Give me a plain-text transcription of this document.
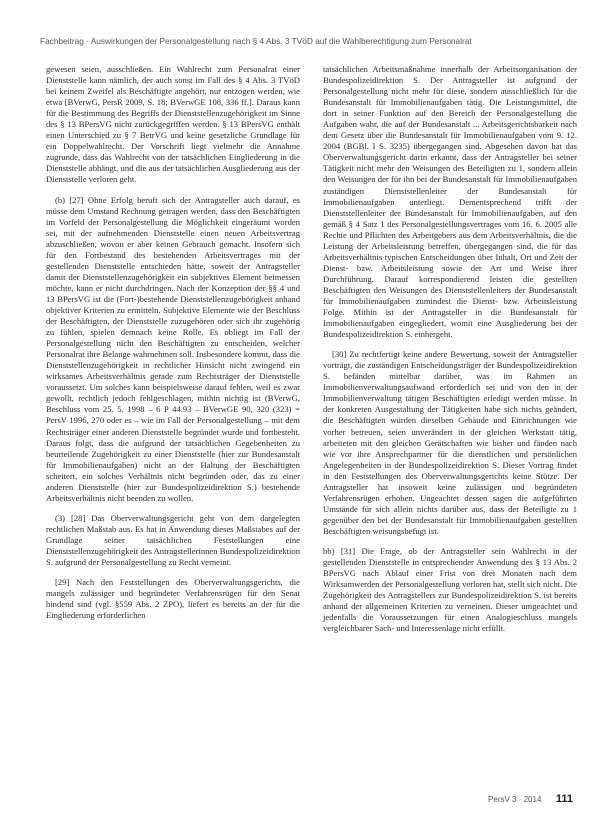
Fachbeitrag · Auswirkungen der Personalgestellung nach § 4 Abs. 3 TVöD auf die Wahlberechtigung zum Personalrat

gewesen seien, ausschließen. Ein Wahlrecht zum Personalrat einer Dienststelle kann nämlich, der auch sonst im Fall des § 4 Abs. 3 TVöD bei keinem Zweifel als Beschäftigte angehört, nur entzogen werden, wie etwa [BVerwG, PersR 2009, S. 18; BVerwGE 108, 336 ff.]. Daraus kann für die Bestimmung des Begriffs der Dienststellenzugehörigkeit im Sinne des § 13 BPersVG nicht zurückgegriffen werden. § 13 BPersVG enthält einen Unterschied zu § 7 BetrVG und keine gesetzliche Grundlage für ein Doppelwahlrecht. Der Vorschrift liegt vielmehr die Annahme zugrunde, dass das Wahlrecht von der tatsächlichen Eingliederung in die Dienststelle abhängt, und die aus der tatsächlichen Ausgliederung aus der Dienststelle verloren geht.

(b) [27] Ohne Erfolg beruft sich der Antragsteller auch darauf, es müsse dem Umstand Rechnung getragen werden, dass den Beschäftigten im Vorfeld der Personalgestellung die Möglichkeit eingeräumt worden sei, mit der aufnehmenden Dienststelle einen neuen Arbeitsvertrag abzuschließen, wovon er aber keinen Gebrauch gemacht. Insofern sich für den Fortbestand des bestehenden Arbeitsvertrages mit der gestellenden Dienststelle entschieden hätte, soweit der Antragsteller damit der Dienststellenzugehörigkeit ein subjektives Element beimessen möchte, kann er nicht durchdringen. Nach der Konzeption der §§ 4 und 13 BPersVG ist die (Fort-)bestehende Dienststellenzugehörigkeit anhand objektiver Kriterien zu ermitteln. Subjektive Elemente wie der Beschluss der Beschäftigten, der Dienststelle zuzugehören oder sich ihr zugehörig zu fühlen, spielen demnach keine Rolle. Es obliegt im Fall der Personalgestellung nicht den Beschäftigten zu entscheiden, welcher Personalrat ihre Belange wahrnehmen soll. Insbesondere kommt, dass die Dienststellenzugehörigkeit in rechtlicher Hinsicht nicht zwingend ein wirksames Arbeitsverhältnis gerade zum Rechtsträger der Dienststelle voraussetzt. Um solches kann beispielsweise darauf fehlen, weil es zwar gewollt, rechtlich jedoch fehlgeschlagen, mithin nichtig ist (BVerwG, Beschluss vom 25. 5. 1998 – 6 P 44.93 – BVerwGE 90, 320 (323) = PersV 1996, 270 oder es – wie im Fall der Personalgestellung – mit dem Rechtsträger einer anderen Dienststelle begründet wurde und fortbesteht. Daraus folgt, dass die aufgrund der tatsächlichen Gegebenheiten zu beurteilende Zugehörigkeit zu einer Dienststelle (hier zur Bundesanstalt für Immobilienaufgaben) nicht an der Haltung der Beschäftigten scheitert, ein solches Verhältnis nicht begründen oder, das zu einer anderen Dienststelle (hier zur Bundespolizeidirektion S.) bestehende Arbeitsverhältnis nicht beenden zu wollen.

(3) [28] Das Oberverwaltungsgericht geht von dem dargelegten rechtlichen Maßstab aus. Es hat in Anwendung dieses Maßstabes auf der Grundlage seiner tatsächlichen Feststellungen eine Dienststellenzugehörigkeit des Antragstellerinnen Bundespolizeidirektion S. aufgrund der Personalgestellung zu Recht verneint.

[29] Nach den Feststellungen des Oberverwaltungsgerichts, die mangels zulässiger und begründeter Verfahrensrügen für den Senat bindend sind (vgl. §559 Abs. 2 ZPO), liefert es bereits an der für die Eingliederung erforderlichen

tatsächlichen Arbeitsmaßnahme innerhalb der Arbeitsorganisation der Bundespolizeidirektion S. Der Antragsteller ist aufgrund der Personalgestellung nicht mehr für diese, sondern ausschließlich für die Bundesanstalt für Immobilienaufgaben tätig. Die Leistungsmittel, die dort in seiner Funktion auf den Bereich der Personalgestellung die Aufgaben wahr, die auf der Bundesanstalt ... Arbeitsgerichtsbarkeit nach dem Gesetz über die Bundesanstalt für Immobilienaufgaben vom 9. 12. 2004 (BGBl. I S. 3235) übergegangen sind. Abgesehen davon hat das Oberverwaltungsgericht darin erkannt, dass der Antragsteller bei seiner Tätigkeit nicht mehr den Weisungen des Beteiligten zu 1, sondern allein den Weisungen der für ihn bei der Bundesanstalt für Immobilienaufgaben zuständigen Dienststellenleiter der Bundesanstalt für Immobilienaufgaben unterliegt. Dementsprechend trifft der Dienststellenleiter der Bundesanstalt für Immobilienaufgaben, auf den gemäß § 4 Satz 1 des Personalgestellungsvertrages vom 16. 6. 2005 alle Rechte und Pflichten des Arbeitgebers aus dem Arbeitsverhältnis, die die Leistung der Arbeitsleistung betreffen, übergegangen sind, die für das Arbeitsverhältnis typischen Entscheidungen über Inhalt, Ort und Zeit der Dienst- bzw. Arbeitsleistung sowie der Art und Weise ihrer Durchführung. Darauf korrespondierend leisten die gestellten Beschäftigten den Weisungen des Dienststellenleiters der Bundesanstalt für Immobilienaufgaben zumindest die Dienst- bzw. Arbeitsleistung Folge. Mithin ist der Antragsteller in die Bundesanstalt für Immobilienaufgaben eingegliedert, womit eine Ausgliederung bei der Bundespolizeidirektion S. einhergeht.

[30] Zu rechtfertigt keine andere Bewertung, soweit der Antragsteller vorträgt, die zuständigen Entscheidungsträger der Bundespolizeidirektion S. befänden mittelbar darüber, was im Rahmen an Immobilienverwaltungsaufwand erforderlich sei und von den in der Immobilienverwaltung tätigen Beschäftigten erledigt werden müsse. In der konkreten Ausgestaltung der Tätigkeiten habe sich nichts geändert, die Beschäftigten würden dieselben Gebäude und Einrichtungen wie vorher betreuen, seien unverändert in der gleichen Werkstatt tätig, arbeiteten mit den gleichen Gerätschaften wie bisher und fänden nach wie vor ihre Ansprechpartner für die dienstlichen und persönlichen Angelegenheiten in der Bundespolizeidirektion S. Dieser Vortrag findet in den Feststellungen des Oberverwaltungsgerichts keine Stütze. Der Antragsteller hat insoweit keine zulässigen und begründeten Verfahrensrügen erhoben. Ungeachtet dessen sagen die aufgeführten Umstände für sich allein nichts darüber aus, dass der Beteiligte zu 1 gegenüber den bei der Bundesanstalt für Immobilienaufgaben gestellten Beschäftigten weisungsbefugt ist.

bb) [31] Die Frage, ob der Antragsteller sein Wahlrecht in der gestellenden Dienststelle in entsprechender Anwendung des § 13 Abs. 2 BPersVG nach Ablauf einer Frist von drei Monaten nach dem Wirksamwerden der Personalgestellung verloren hat, stellt sich nicht. Die Zugehörigkeit des Antragstellers zur Bundespolizeidirektion S. ist bereits anhand der allgemeinen Kriterien zu verneinen. Dieser umgeachtet und jedenfalls die Voraussetzungen für einen Analogieschluss mangels vergleichbarer Sach- und Interessenlage nicht erfüllt.

PersV 3 · 2014 111
